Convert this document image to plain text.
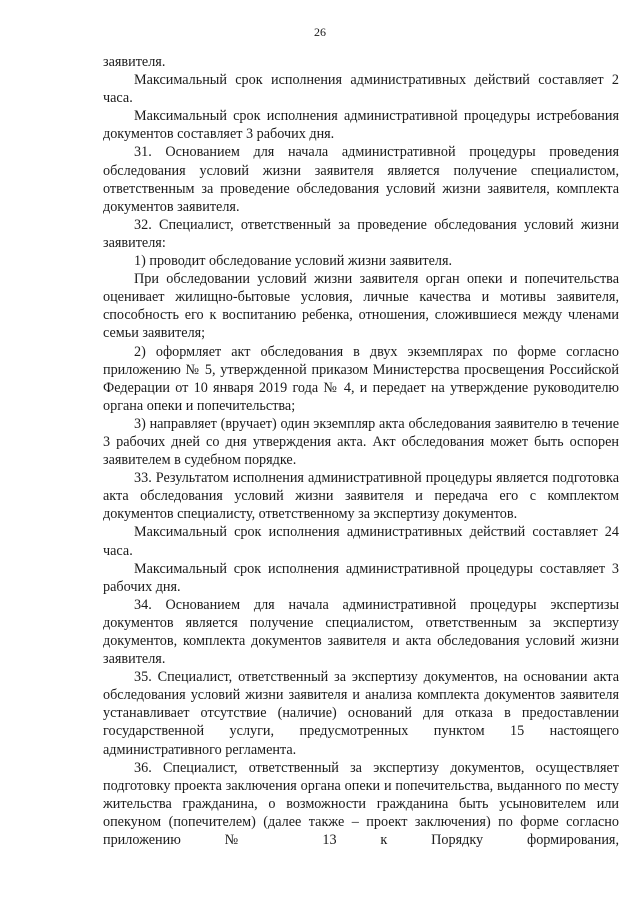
26

заявителя.

Максимальный срок исполнения административных действий составляет 2 часа.

Максимальный срок исполнения административной процедуры истребования документов составляет 3 рабочих дня.

31. Основанием для начала административной процедуры проведения обследования условий жизни заявителя является получение специалистом, ответственным за проведение обследования условий жизни заявителя, комплекта документов заявителя.

32. Специалист, ответственный за проведение обследования условий жизни заявителя:

1) проводит обследование условий жизни заявителя.

При обследовании условий жизни заявителя орган опеки и попечительства оценивает жилищно-бытовые условия, личные качества и мотивы заявителя, способность его к воспитанию ребенка, отношения, сложившиеся между членами семьи заявителя;

2) оформляет акт обследования в двух экземплярах по форме согласно приложению № 5, утвержденной приказом Министерства просвещения Российской Федерации от 10 января 2019 года № 4, и передает на утверждение руководителю органа опеки и попечительства;

3) направляет (вручает) один экземпляр акта обследования заявителю в течение 3 рабочих дней со дня утверждения акта. Акт обследования может быть оспорен заявителем в судебном порядке.

33. Результатом исполнения административной процедуры является подготовка акта обследования условий жизни заявителя и передача его с комплектом документов специалисту, ответственному за экспертизу документов.

Максимальный срок исполнения административных действий составляет 24 часа.

Максимальный срок исполнения административной процедуры составляет 3 рабочих дня.

34. Основанием для начала административной процедуры экспертизы документов является получение специалистом, ответственным за экспертизу документов, комплекта документов заявителя и акта обследования условий жизни заявителя.

35. Специалист, ответственный за экспертизу документов, на основании акта обследования условий жизни заявителя и анализа комплекта документов заявителя устанавливает отсутствие (наличие) оснований для отказа в предоставлении государственной услуги, предусмотренных пунктом 15 настоящего административного регламента.

36. Специалист, ответственный за экспертизу документов, осуществляет подготовку проекта заключения органа опеки и попечительства, выданного по месту жительства гражданина, о возможности гражданина быть усыновителем или опекуном (попечителем) (далее также – проект заключения) по форме согласно приложению № 13 к Порядку формирования,
